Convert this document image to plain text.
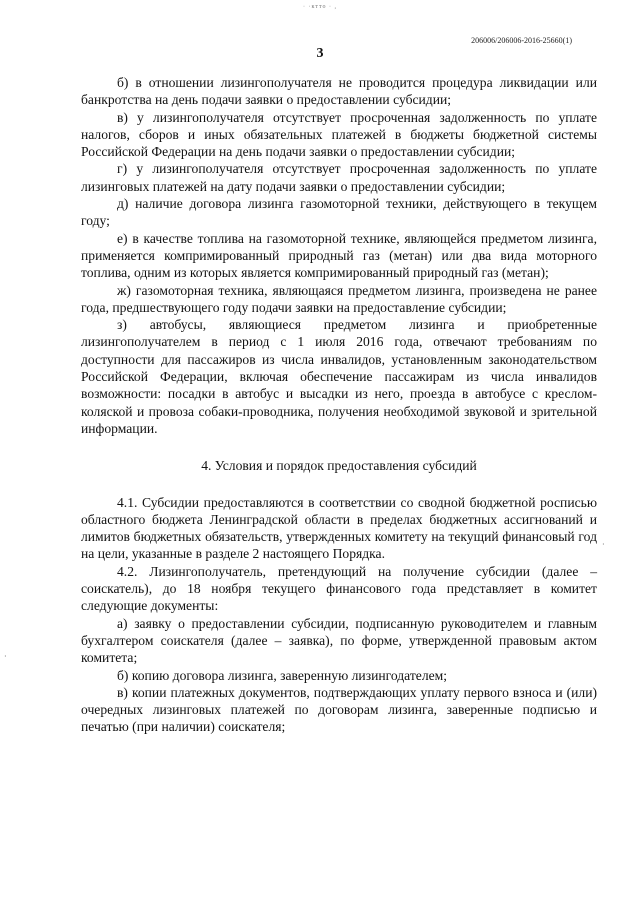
· ·ктто · ,
206006/206006-2016-25660(1)
3
·
·

б) в отношении лизингополучателя не проводится процедура ликвидации или банкротства на день подачи заявки о предоставлении субсидии;

в) у лизингополучателя отсутствует просроченная задолженность по уплате налогов, сборов и иных обязательных платежей в бюджеты бюджетной системы Российской Федерации на день подачи заявки о предоставлении субсидии;

г) у лизингополучателя отсутствует просроченная задолженность по уплате лизинговых платежей на дату подачи заявки о предоставлении субсидии;

д) наличие договора лизинга газомоторной техники, действующего в текущем году;

е) в качестве топлива на газомоторной технике, являющейся предметом лизинга, применяется компримированный природный газ (метан) или два вида моторного топлива, одним из которых является компримированный природный газ (метан);

ж) газомоторная техника, являющаяся предметом лизинга, произведена не ранее года, предшествующего году подачи заявки на предоставление субсидии;

з) автобусы, являющиеся предметом лизинга и приобретенные лизингополучателем в период с 1 июля 2016 года, отвечают требованиям по доступности для пассажиров из числа инвалидов, установленным законодательством Российской Федерации, включая обеспечение пассажирам из числа инвалидов возможности: посадки в автобус и высадки из него, проезда в автобусе с креслом-коляской и провоза собаки-проводника, получения необходимой звуковой и зрительной информации.

4. Условия и порядок предоставления субсидий

4.1. Субсидии предоставляются в соответствии со сводной бюджетной росписью областного бюджета Ленинградской области в пределах бюджетных ассигнований и лимитов бюджетных обязательств, утвержденных комитету на текущий финансовый год на цели, указанные в разделе 2 настоящего Порядка.

4.2. Лизингополучатель, претендующий на получение субсидии (далее – соискатель), до 18 ноября текущего финансового года представляет в комитет следующие документы:

а) заявку о предоставлении субсидии, подписанную руководителем и главным бухгалтером соискателя (далее – заявка), по форме, утвержденной правовым актом комитета;

б) копию договора лизинга, заверенную лизингодателем;

в) копии платежных документов, подтверждающих уплату первого взноса и (или) очередных лизинговых платежей по договорам лизинга, заверенные подписью и печатью (при наличии) соискателя;
